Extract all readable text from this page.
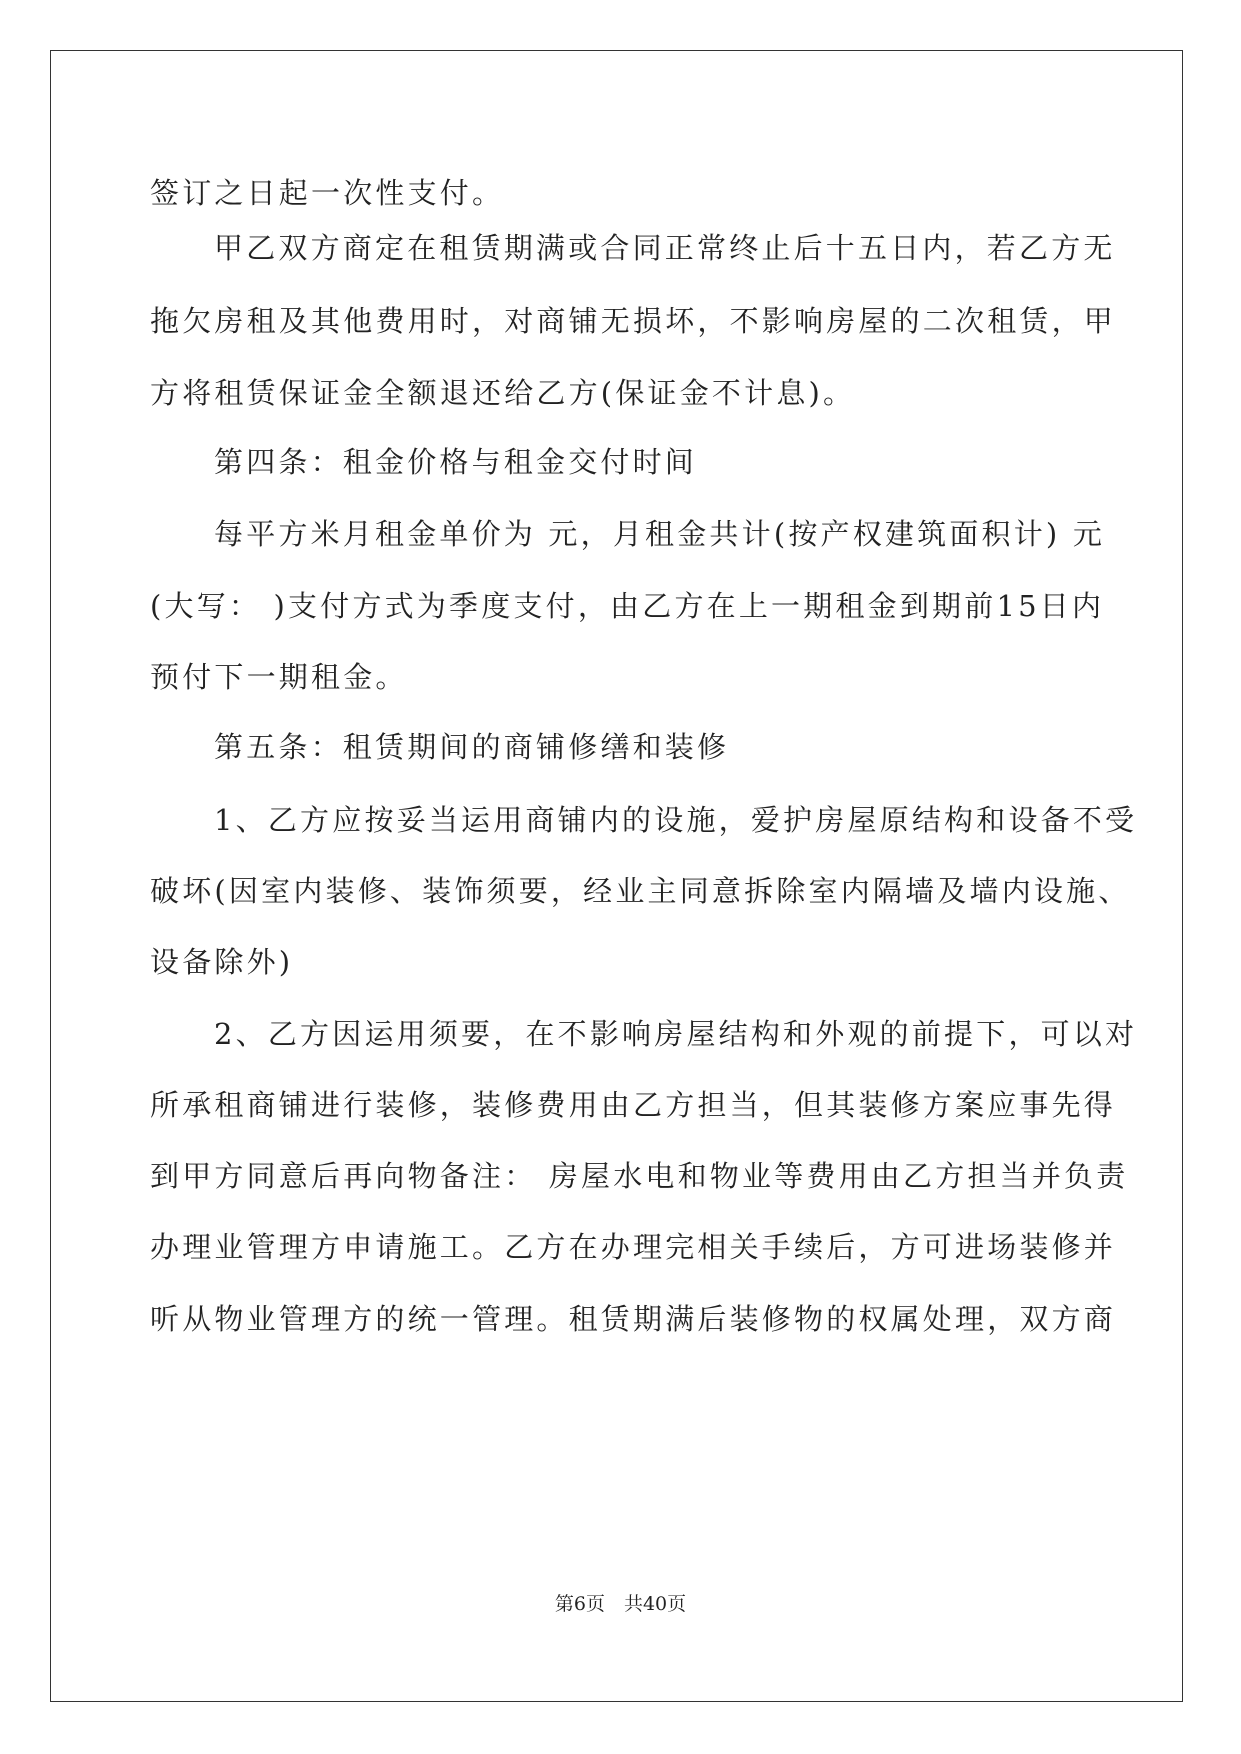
签订之日起一次性支付。
甲乙双方商定在租赁期满或合同正常终止后十五日内，若乙方无
拖欠房租及其他费用时，对商铺无损坏，不影响房屋的二次租赁，甲
方将租赁保证金全额退还给乙方(保证金不计息)。
第四条：租金价格与租金交付时间
每平方米月租金单价为 元，月租金共计(按产权建筑面积计) 元
(大写： )支付方式为季度支付，由乙方在上一期租金到期前15日内
预付下一期租金。
第五条：租赁期间的商铺修缮和装修
1、乙方应按妥当运用商铺内的设施，爱护房屋原结构和设备不受
破坏(因室内装修、装饰须要，经业主同意拆除室内隔墙及墙内设施、
设备除外)
2、乙方因运用须要，在不影响房屋结构和外观的前提下，可以对
所承租商铺进行装修，装修费用由乙方担当，但其装修方案应事先得
到甲方同意后再向物备注： 房屋水电和物业等费用由乙方担当并负责
办理业管理方申请施工。乙方在办理完相关手续后，方可进场装修并
听从物业管理方的统一管理。租赁期满后装修物的权属处理，双方商
第6页　共40页
